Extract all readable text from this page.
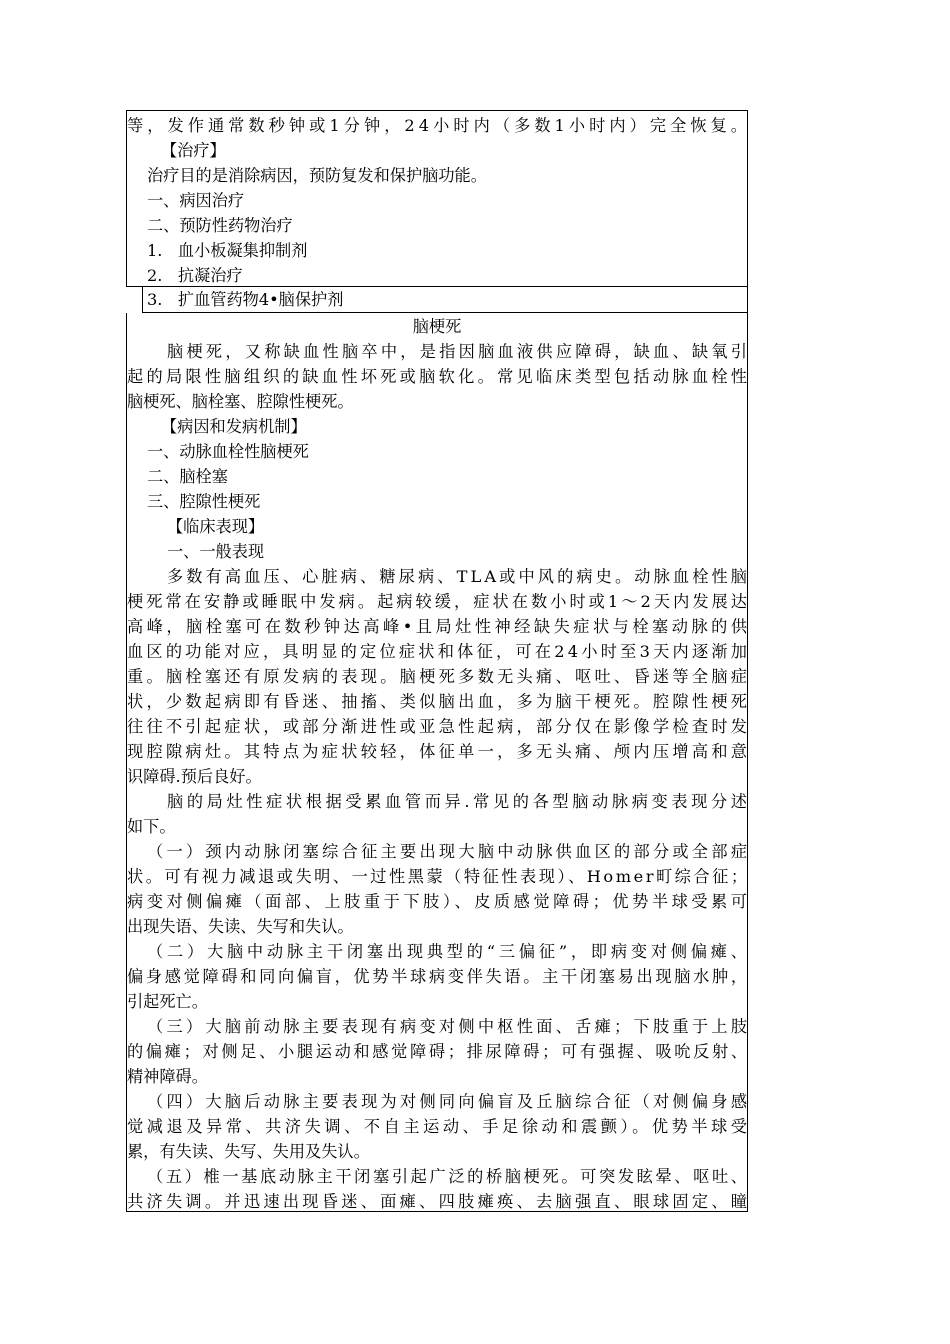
等，发作通常数秒钟或1分钟，24小时内（多数1小时内）完全恢复。
【治疗】
治疗目的是消除病因，预防复发和保护脑功能。
一、病因治疗
二、预防性药物治疗
1.   血小板凝集抑制剂
2.   抗凝治疗
3.   扩血管药物4•脑保护剂
脑梗死
脑梗死，又称缺血性脑卒中，是指因脑血液供应障碍，缺血、缺氧引
起的局限性脑组织的缺血性坏死或脑软化。常见临床类型包括动脉血栓性
脑梗死、脑栓塞、腔隙性梗死。
【病因和发病机制】
一、动脉血栓性脑梗死
二、脑栓塞
三、腔隙性梗死
【临床表现】
一、一般表现
多数有高血压、心脏病、糖尿病、TLA或中风的病史。动脉血栓性脑
梗死常在安静或睡眠中发病。起病较缓，症状在数小时或1〜2天内发展达
高峰，脑栓塞可在数秒钟达高峰•且局灶性神经缺失症状与栓塞动脉的供
血区的功能对应，具明显的定位症状和体征，可在24小时至3天内逐渐加
重。脑栓塞还有原发病的表现。脑梗死多数无头痛、呕吐、昏迷等全脑症
状，少数起病即有昏迷、抽搐、类似脑出血，多为脑干梗死。腔隙性梗死
往往不引起症状，或部分渐进性或亚急性起病，部分仅在影像学检查时发
现腔隙病灶。其特点为症状较轻，体征单一，多无头痛、颅内压增高和意
识障碍.预后良好。
脑的局灶性症状根据受累血管而异.常见的各型脑动脉病变表现分述
如下。
（一）颈内动脉闭塞综合征主要出现大脑中动脉供血区的部分或全部症
状。可有视力减退或失明、一过性黑蒙（特征性表现）、Homer町综合征；
病变对侧偏瘫（面部、上肢重于下肢）、皮质感觉障碍；优势半球受累可
出现失语、失读、失写和失认。
（二）大脑中动脉主干闭塞出现典型的“三偏征”，即病变对侧偏瘫、
偏身感觉障碍和同向偏盲，优势半球病变伴失语。主干闭塞易出现脑水肿，
引起死亡。
（三）大脑前动脉主要表现有病变对侧中枢性面、舌瘫；下肢重于上肢
的偏瘫；对侧足、小腿运动和感觉障碍；排尿障碍；可有强握、吸吮反射、
精神障碍。
（四）大脑后动脉主要表现为对侧同向偏盲及丘脑综合征（对侧偏身感
觉减退及异常、共济失调、不自主运动、手足徐动和震颤）。优势半球受
累，有失读、失写、失用及失认。
（五）椎一基底动脉主干闭塞引起广泛的桥脑梗死。可突发眩晕、呕吐、
共济失调。并迅速出现昏迷、面瘫、四肢瘫痪、去脑强直、眼球固定、瞳
